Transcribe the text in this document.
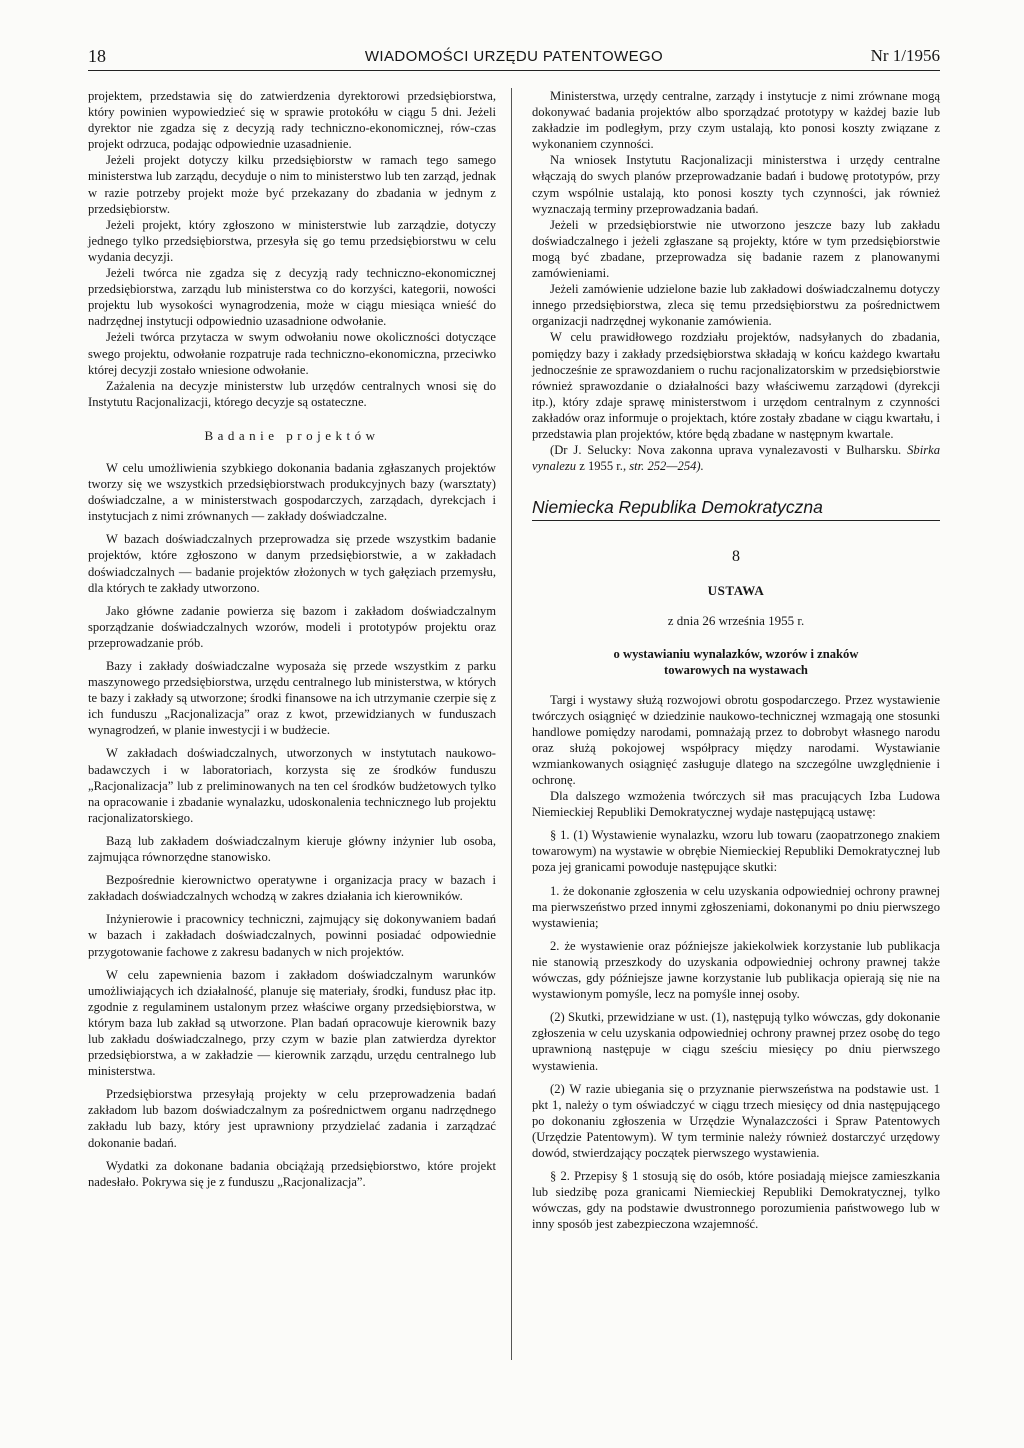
18	WIADOMOŚCI URZĘDU PATENTOWEGO	Nr 1/1956

projektem, przedstawia się do zatwierdzenia dyrektorowi przedsiębiorstwa, który powinien wypowiedzieć się w sprawie protokółu w ciągu 5 dni. Jeżeli dyrektor nie zgadza się z decyzją rady techniczno-ekonomicznej, rów-czas projekt odrzuca, podając odpowiednie uzasadnienie.

Jeżeli projekt dotyczy kilku przedsiębiorstw w ramach tego samego ministerstwa lub zarządu, decyduje o nim to ministerstwo lub ten zarząd, jednak w razie potrzeby projekt może być przekazany do zbadania w jednym z przedsiębiorstw.

Jeżeli projekt, który zgłoszono w ministerstwie lub zarządzie, dotyczy jednego tylko przedsiębiorstwa, przesyła się go temu przedsiębiorstwu w celu wydania decyzji.

Jeżeli twórca nie zgadza się z decyzją rady techniczno-ekonomicznej przedsiębiorstwa, zarządu lub ministerstwa co do korzyści, kategorii, nowości projektu lub wysokości wynagrodzenia, może w ciągu miesiąca wnieść do nadrzędnej instytucji odpowiednio uzasadnione odwołanie.

Jeżeli twórca przytacza w swym odwołaniu nowe okoliczności dotyczące swego projektu, odwołanie rozpatruje rada techniczno-ekonomiczna, przeciwko której decyzji zostało wniesione odwołanie.

Zażalenia na decyzje ministerstw lub urzędów centralnych wnosi się do Instytutu Racjonalizacji, którego decyzje są ostateczne.

Badanie projektów

W celu umożliwienia szybkiego dokonania badania zgłaszanych projektów tworzy się we wszystkich przedsiębiorstwach produkcyjnych bazy (warsztaty) doświadczalne, a w ministerstwach gospodarczych, zarządach, dyrekcjach i instytucjach z nimi zrównanych — zakłady doświadczalne.

W bazach doświadczalnych przeprowadza się przede wszystkim badanie projektów, które zgłoszono w danym przedsiębiorstwie, a w zakładach doświadczalnych — badanie projektów złożonych w tych gałęziach przemysłu, dla których te zakłady utworzono.

Jako główne zadanie powierza się bazom i zakładom doświadczalnym sporządzanie doświadczalnych wzorów, modeli i prototypów projektu oraz przeprowadzanie prób.

Bazy i zakłady doświadczalne wyposaża się przede wszystkim z parku maszynowego przedsiębiorstwa, urzędu centralnego lub ministerstwa, w których te bazy i zakłady są utworzone; środki finansowe na ich utrzymanie czerpie się z ich funduszu „Racjonalizacja” oraz z kwot, przewidzianych w funduszach wynagrodzeń, w planie inwestycji i w budżecie.

W zakładach doświadczalnych, utworzonych w instytutach naukowo-badawczych i w laboratoriach, korzysta się ze środków funduszu „Racjonalizacja” lub z preliminowanych na ten cel środków budżetowych tylko na opracowanie i zbadanie wynalazku, udoskonalenia technicznego lub projektu racjonalizatorskiego.

Bazą lub zakładem doświadczalnym kieruje główny inżynier lub osoba, zajmująca równorzędne stanowisko.

Bezpośrednie kierownictwo operatywne i organizacja pracy w bazach i zakładach doświadczalnych wchodzą w zakres działania ich kierowników.

Inżynierowie i pracownicy techniczni, zajmujący się dokonywaniem badań w bazach i zakładach doświadczalnych, powinni posiadać odpowiednie przygotowanie fachowe z zakresu badanych w nich projektów.

W celu zapewnienia bazom i zakładom doświadczalnym warunków umożliwiających ich działalność, planuje się materiały, środki, fundusz płac itp. zgodnie z regulaminem ustalonym przez właściwe organy przedsiębiorstwa, w którym baza lub zakład są utworzone. Plan badań opracowuje kierownik bazy lub zakładu doświadczalnego, przy czym w bazie plan zatwierdza dyrektor przedsiębiorstwa, a w zakładzie — kierownik zarządu, urzędu centralnego lub ministerstwa.

Przedsiębiorstwa przesyłają projekty w celu przeprowadzenia badań zakładom lub bazom doświadczalnym za pośrednictwem organu nadrzędnego zakładu lub bazy, który jest uprawniony przydzielać zadania i zarządzać dokonanie badań.

Wydatki za dokonane badania obciążają przedsiębiorstwo, które projekt nadesłało. Pokrywa się je z funduszu „Racjonalizacja”.

Ministerstwa, urzędy centralne, zarządy i instytucje z nimi zrównane mogą dokonywać badania projektów albo sporządzać prototypy w każdej bazie lub zakładzie im podległym, przy czym ustalają, kto ponosi koszty związane z wykonaniem czynności.

Na wniosek Instytutu Racjonalizacji ministerstwa i urzędy centralne włączają do swych planów przeprowadzanie badań i budowę prototypów, przy czym wspólnie ustalają, kto ponosi koszty tych czynności, jak również wyznaczają terminy przeprowadzania badań.

Jeżeli w przedsiębiorstwie nie utworzono jeszcze bazy lub zakładu doświadczalnego i jeżeli zgłaszane są projekty, które w tym przedsiębiorstwie mogą być zbadane, przeprowadza się badanie razem z planowanymi zamówieniami.

Jeżeli zamówienie udzielone bazie lub zakładowi doświadczalnemu dotyczy innego przedsiębiorstwa, zleca się temu przedsiębiorstwu za pośrednictwem organizacji nadrzędnej wykonanie zamówienia.

W celu prawidłowego rozdziału projektów, nadsyłanych do zbadania, pomiędzy bazy i zakłady przedsiębiorstwa składają w końcu każdego kwartału jednocześnie ze sprawozdaniem o ruchu racjonalizatorskim w przedsiębiorstwie również sprawozdanie o działalności bazy właściwemu zarządowi (dyrekcji itp.), który zdaje sprawę ministerstwom i urzędom centralnym z czynności zakładów oraz informuje o projektach, które zostały zbadane w ciągu kwartału, i przedstawia plan projektów, które będą zbadane w następnym kwartale.

(Dr J. Selucky: Nova zakonna uprava vynalezavosti v Bulharsku. Sbirka vynalezu z 1955 r., str. 252—254).

Niemiecka Republika Demokratyczna
8
USTAWA
z dnia 26 września 1955 r.
o wystawianiu wynalazków, wzorów i znaków
towarowych na wystawach

Targi i wystawy służą rozwojowi obrotu gospodarczego. Przez wystawienie twórczych osiągnięć w dziedzinie naukowo-technicznej wzmagają one stosunki handlowe pomiędzy narodami, pomnażają przez to dobrobyt własnego narodu oraz służą pokojowej współpracy między narodami. Wystawianie wzmiankowanych osiągnięć zasługuje dlatego na szczególne uwzględnienie i ochronę.

Dla dalszego wzmożenia twórczych sił mas pracujących Izba Ludowa Niemieckiej Republiki Demokratycznej wydaje następującą ustawę:

§ 1. (1) Wystawienie wynalazku, wzoru lub towaru (zaopatrzonego znakiem towarowym) na wystawie w obrębie Niemieckiej Republiki Demokratycznej lub poza jej granicami powoduje następujące skutki:

1. że dokonanie zgłoszenia w celu uzyskania odpowiedniej ochrony prawnej ma pierwszeństwo przed innymi zgłoszeniami, dokonanymi po dniu pierwszego wystawienia;

2. że wystawienie oraz późniejsze jakiekolwiek korzystanie lub publikacja nie stanowią przeszkody do uzyskania odpowiedniej ochrony prawnej także wówczas, gdy późniejsze jawne korzystanie lub publikacja opierają się nie na wystawionym pomyśle, lecz na pomyśle innej osoby.

(2) Skutki, przewidziane w ust. (1), następują tylko wówczas, gdy dokonanie zgłoszenia w celu uzyskania odpowiedniej ochrony prawnej przez osobę do tego uprawnioną następuje w ciągu sześciu miesięcy po dniu pierwszego wystawienia.

(2) W razie ubiegania się o przyznanie pierwszeństwa na podstawie ust. 1 pkt 1, należy o tym oświadczyć w ciągu trzech miesięcy od dnia następującego po dokonaniu zgłoszenia w Urzędzie Wynalazczości i Spraw Patentowych (Urzędzie Patentowym). W tym terminie należy również dostarczyć urzędowy dowód, stwierdzający początek pierwszego wystawienia.

§ 2. Przepisy § 1 stosują się do osób, które posiadają miejsce zamieszkania lub siedzibę poza granicami Niemieckiej Republiki Demokratycznej, tylko wówczas, gdy na podstawie dwustronnego porozumienia państwowego lub w inny sposób jest zabezpieczona wzajemność.
